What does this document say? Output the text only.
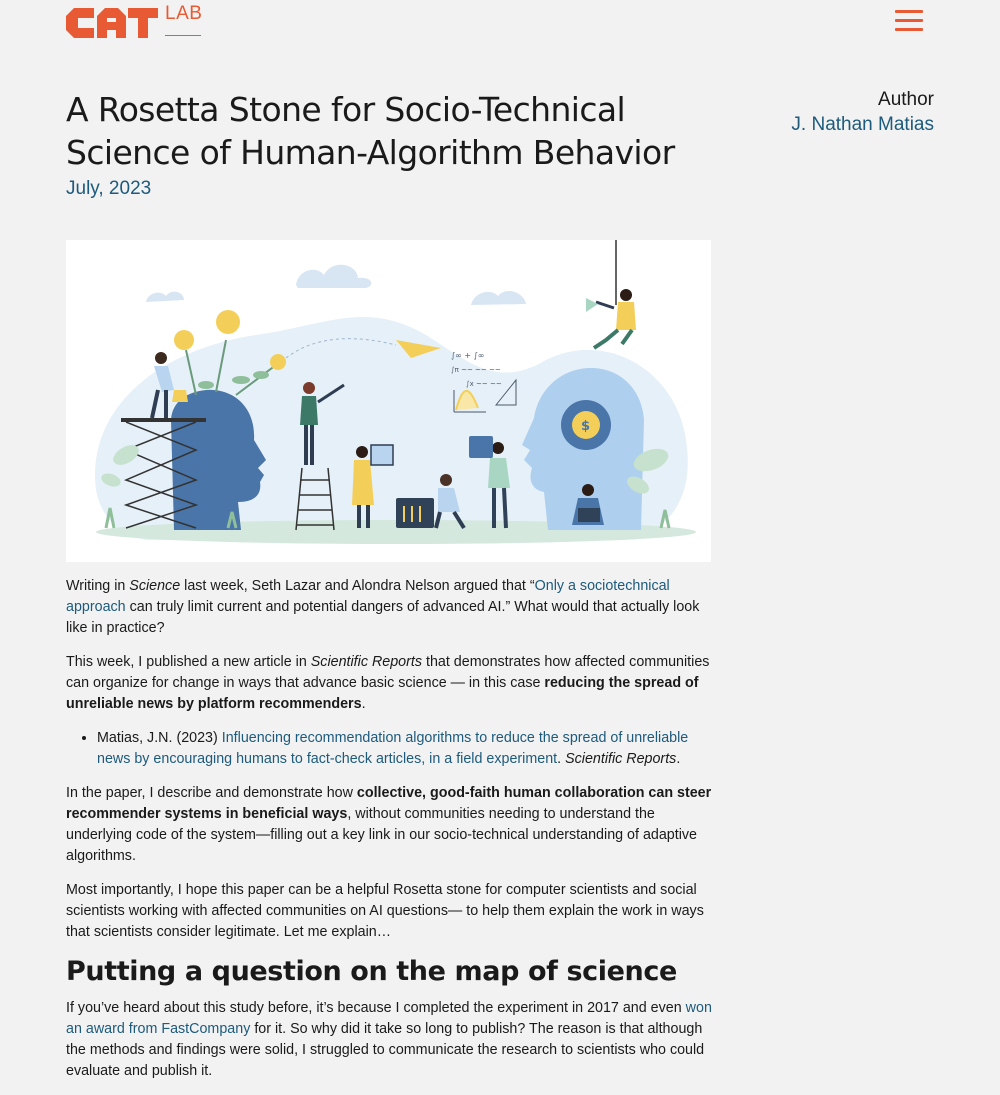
LAB
A Rosetta Stone for Socio-Technical Science of Human-Algorithm Behavior
July, 2023
Author
J. Nathan Matias
∫∞ + ∫∞
∫π ~~ ~~ ~~
∫x ~~ ~~
$

Writing in Science last week, Seth Lazar and Alondra Nelson argued that “Only a sociotechnical approach can truly limit current and potential dangers of advanced AI.” What would that actually look like in practice?

This week, I published a new article in Scientific Reports that demonstrates how affected communities can organize for change in ways that advance basic science — in this case reducing the spread of unreliable news by platform recommenders.

• Matias, J.N. (2023) Influencing recommendation algorithms to reduce the spread of unreliable news by encouraging humans to fact-check articles, in a field experiment. Scientific Reports.

In the paper, I describe and demonstrate how collective, good-faith human collaboration can steer recommender systems in beneficial ways, without communities needing to understand the underlying code of the system—filling out a key link in our socio-technical understanding of adaptive algorithms.

Most importantly, I hope this paper can be a helpful Rosetta stone for computer scientists and social scientists working with affected communities on AI questions— to help them explain the work in ways that scientists consider legitimate. Let me explain…

Putting a question on the map of science

If you’ve heard about this study before, it’s because I completed the experiment in 2017 and even won an award from FastCompany for it. So why did it take so long to publish? The reason is that although the methods and findings were solid, I struggled to communicate the research to scientists who could evaluate and publish it.
